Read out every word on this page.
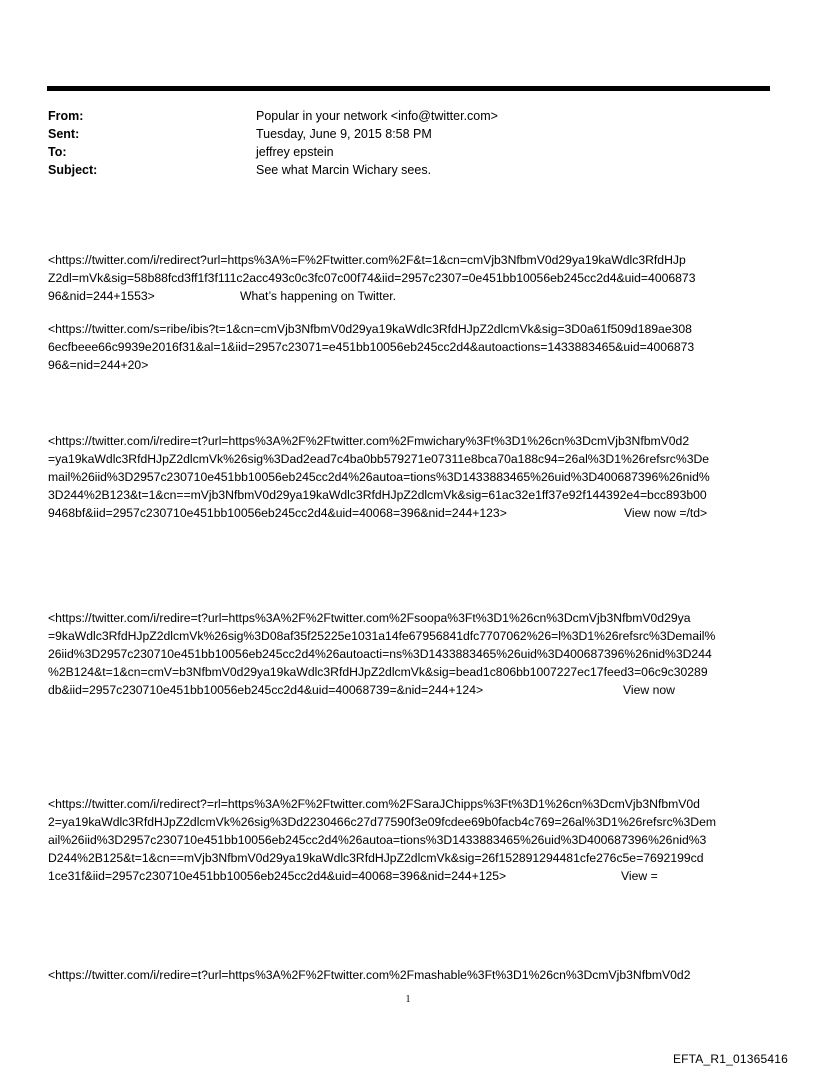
From:	Popular in your network <info@twitter.com>
Sent:	Tuesday, June 9, 2015 8:58 PM
To:	jeffrey epstein
Subject:	See what Marcin Wichary sees.
<https://twitter.com/i/redirect?url=https%3A%=F%2Ftwitter.com%2F&t=1&cn=cmVjb3NfbmV0d29ya19kaWdlc3RfdHJp
Z2dl=mVk&sig=58b88fcd3ff1f3f111c2acc493c0c3fc07c00f74&iid=2957c2307=0e451bb10056eb245cc2d4&uid=4006873
96&nid=244+1553>	What’s happening on Twitter.
<https://twitter.com/s=ribe/ibis?t=1&cn=cmVjb3NfbmV0d29ya19kaWdlc3RfdHJpZ2dlcmVk&sig=3D0a61f509d189ae308
6ecfbeee66c9939e2016f31&al=1&iid=2957c23071=e451bb10056eb245cc2d4&autoactions=1433883465&uid=4006873
96&=nid=244+20>
<https://twitter.com/i/redire=t?url=https%3A%2F%2Ftwitter.com%2Fmwichary%3Ft%3D1%26cn%3DcmVjb3NfbmV0d2
=ya19kaWdlc3RfdHJpZ2dlcmVk%26sig%3Dad2ead7c4ba0bb579271e07311e8bca70a188c94=26al%3D1%26refsrc%3De
mail%26iid%3D2957c230710e451bb10056eb245cc2d4%26autoa=tions%3D1433883465%26uid%3D400687396%26nid%
3D244%2B123&t=1&cn==mVjb3NfbmV0d29ya19kaWdlc3RfdHJpZ2dlcmVk&sig=61ac32e1ff37e92f144392e4=bcc893b00
9468bf&iid=2957c230710e451bb10056eb245cc2d4&uid=40068=396&nid=244+123>	View now =/td>
<https://twitter.com/i/redire=t?url=https%3A%2F%2Ftwitter.com%2Fsoopa%3Ft%3D1%26cn%3DcmVjb3NfbmV0d29ya
=9kaWdlc3RfdHJpZ2dlcmVk%26sig%3D08af35f25225e1031a14fe67956841dfc7707062%26=l%3D1%26refsrc%3Demail%
26iid%3D2957c230710e451bb10056eb245cc2d4%26autoacti=ns%3D1433883465%26uid%3D400687396%26nid%3D244
%2B124&t=1&cn=cmV=b3NfbmV0d29ya19kaWdlc3RfdHJpZ2dlcmVk&sig=bead1c806bb1007227ec17feed3=06c9c30289
db&iid=2957c230710e451bb10056eb245cc2d4&uid=40068739=&nid=244+124>	View now
<https://twitter.com/i/redirect?=rl=https%3A%2F%2Ftwitter.com%2FSaraJChipps%3Ft%3D1%26cn%3DcmVjb3NfbmV0d
2=ya19kaWdlc3RfdHJpZ2dlcmVk%26sig%3Dd2230466c27d77590f3e09fcdee69b0facb4c769=26al%3D1%26refsrc%3Dem
ail%26iid%3D2957c230710e451bb10056eb245cc2d4%26autoa=tions%3D1433883465%26uid%3D400687396%26nid%3
D244%2B125&t=1&cn==mVjb3NfbmV0d29ya19kaWdlc3RfdHJpZ2dlcmVk&sig=26f152891294481cfe276c5e=7692199cd
1ce31f&iid=2957c230710e451bb10056eb245cc2d4&uid=40068=396&nid=244+125>	View =
<https://twitter.com/i/redire=t?url=https%3A%2F%2Ftwitter.com%2Fmashable%3Ft%3D1%26cn%3DcmVjb3NfbmV0d2
1
EFTA_R1_01365416
